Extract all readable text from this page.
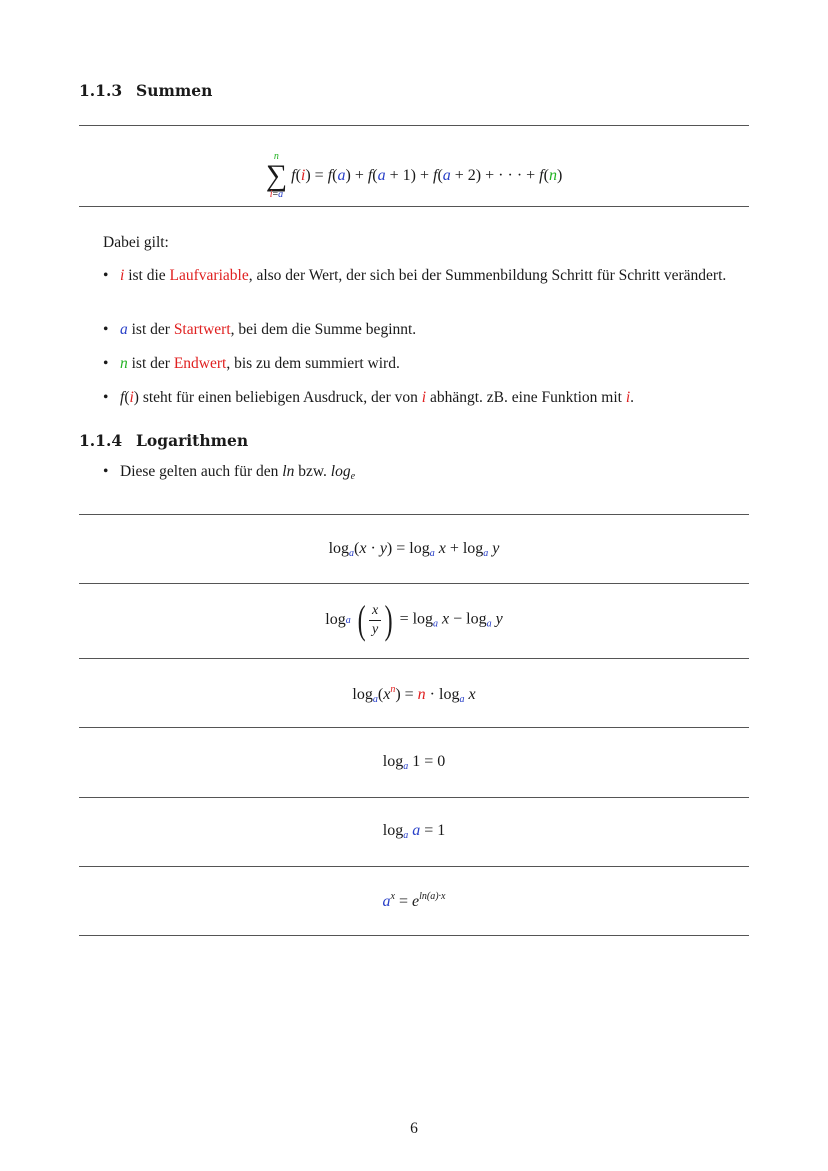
1.1.3 Summen
n
∑
i=a
f(i) = f(a) + f(a + 1) + f(a + 2) + · · · + f(n)
Dabei gilt:
• i ist die Laufvariable, also der Wert, der sich bei der Summenbildung Schritt für Schritt verändert.
• a ist der Startwert, bei dem die Summe beginnt.
• n ist der Endwert, bis zu dem summiert wird.
• f(i) steht für einen beliebigen Ausdruck, der von i abhängt. zB. eine Funktion mit i.
1.1.4 Logarithmen
• Diese gelten auch für den ln bzw. $\log_e$
$\log_a(x \cdot y) = \log_a x + \log_a y$
log a
( $\frac{x}{y}$ ) = $\log_a x - \log_a y$
$\log_a(x^n) = n \cdot \log_a x$
$\log_a 1 = 0$
$\log_a a = 1$
$a^x = e^{ln(a)\cdot x}$
6
